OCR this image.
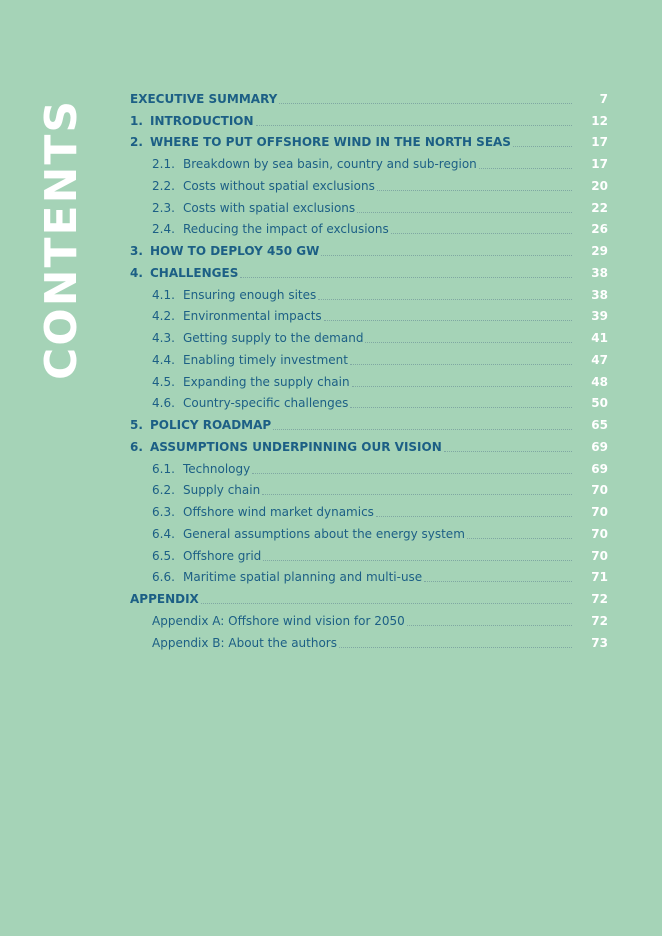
CONTENTS	EXECUTIVE SUMMARY	7
1. INTRODUCTION	12
2. WHERE TO PUT OFFSHORE WIND IN THE NORTH SEAS	17
2.1. Breakdown by sea basin, country and sub-region	17
2.2. Costs without spatial exclusions	20
2.3. Costs with spatial exclusions	22
2.4. Reducing the impact of exclusions	26
3. HOW TO DEPLOY 450 GW	29
4. CHALLENGES	38
4.1. Ensuring enough sites	38
4.2. Environmental impacts	39
4.3. Getting supply to the demand	41
4.4. Enabling timely investment	47
4.5. Expanding the supply chain	48
4.6. Country-specific challenges	50
5. POLICY ROADMAP	65
6. ASSUMPTIONS UNDERPINNING OUR VISION	69
6.1. Technology	69
6.2. Supply chain	70
6.3. Offshore wind market dynamics	70
6.4. General assumptions about the energy system	70
6.5. Offshore grid	70
6.6. Maritime spatial planning and multi-use	71
APPENDIX	72
Appendix A: Offshore wind vision for 2050	72
Appendix B: About the authors	73
